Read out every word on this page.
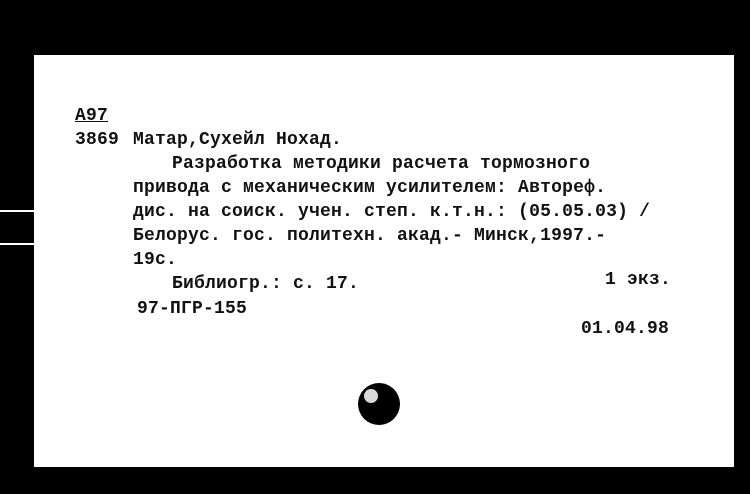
А97

3869 Матар,Сухейл Нохад.

Разработка методики расчета тормозного

привода с механическим усилителем: Автореф.

дис. на соиск. учен. степ. к.т.н.: (05.05.03) /

Белорус. гос. политехн. акад.- Минск,1997.-

19с.

Библиогр.: с. 17.	1 экз.

97-ПГР-155

01.04.98
